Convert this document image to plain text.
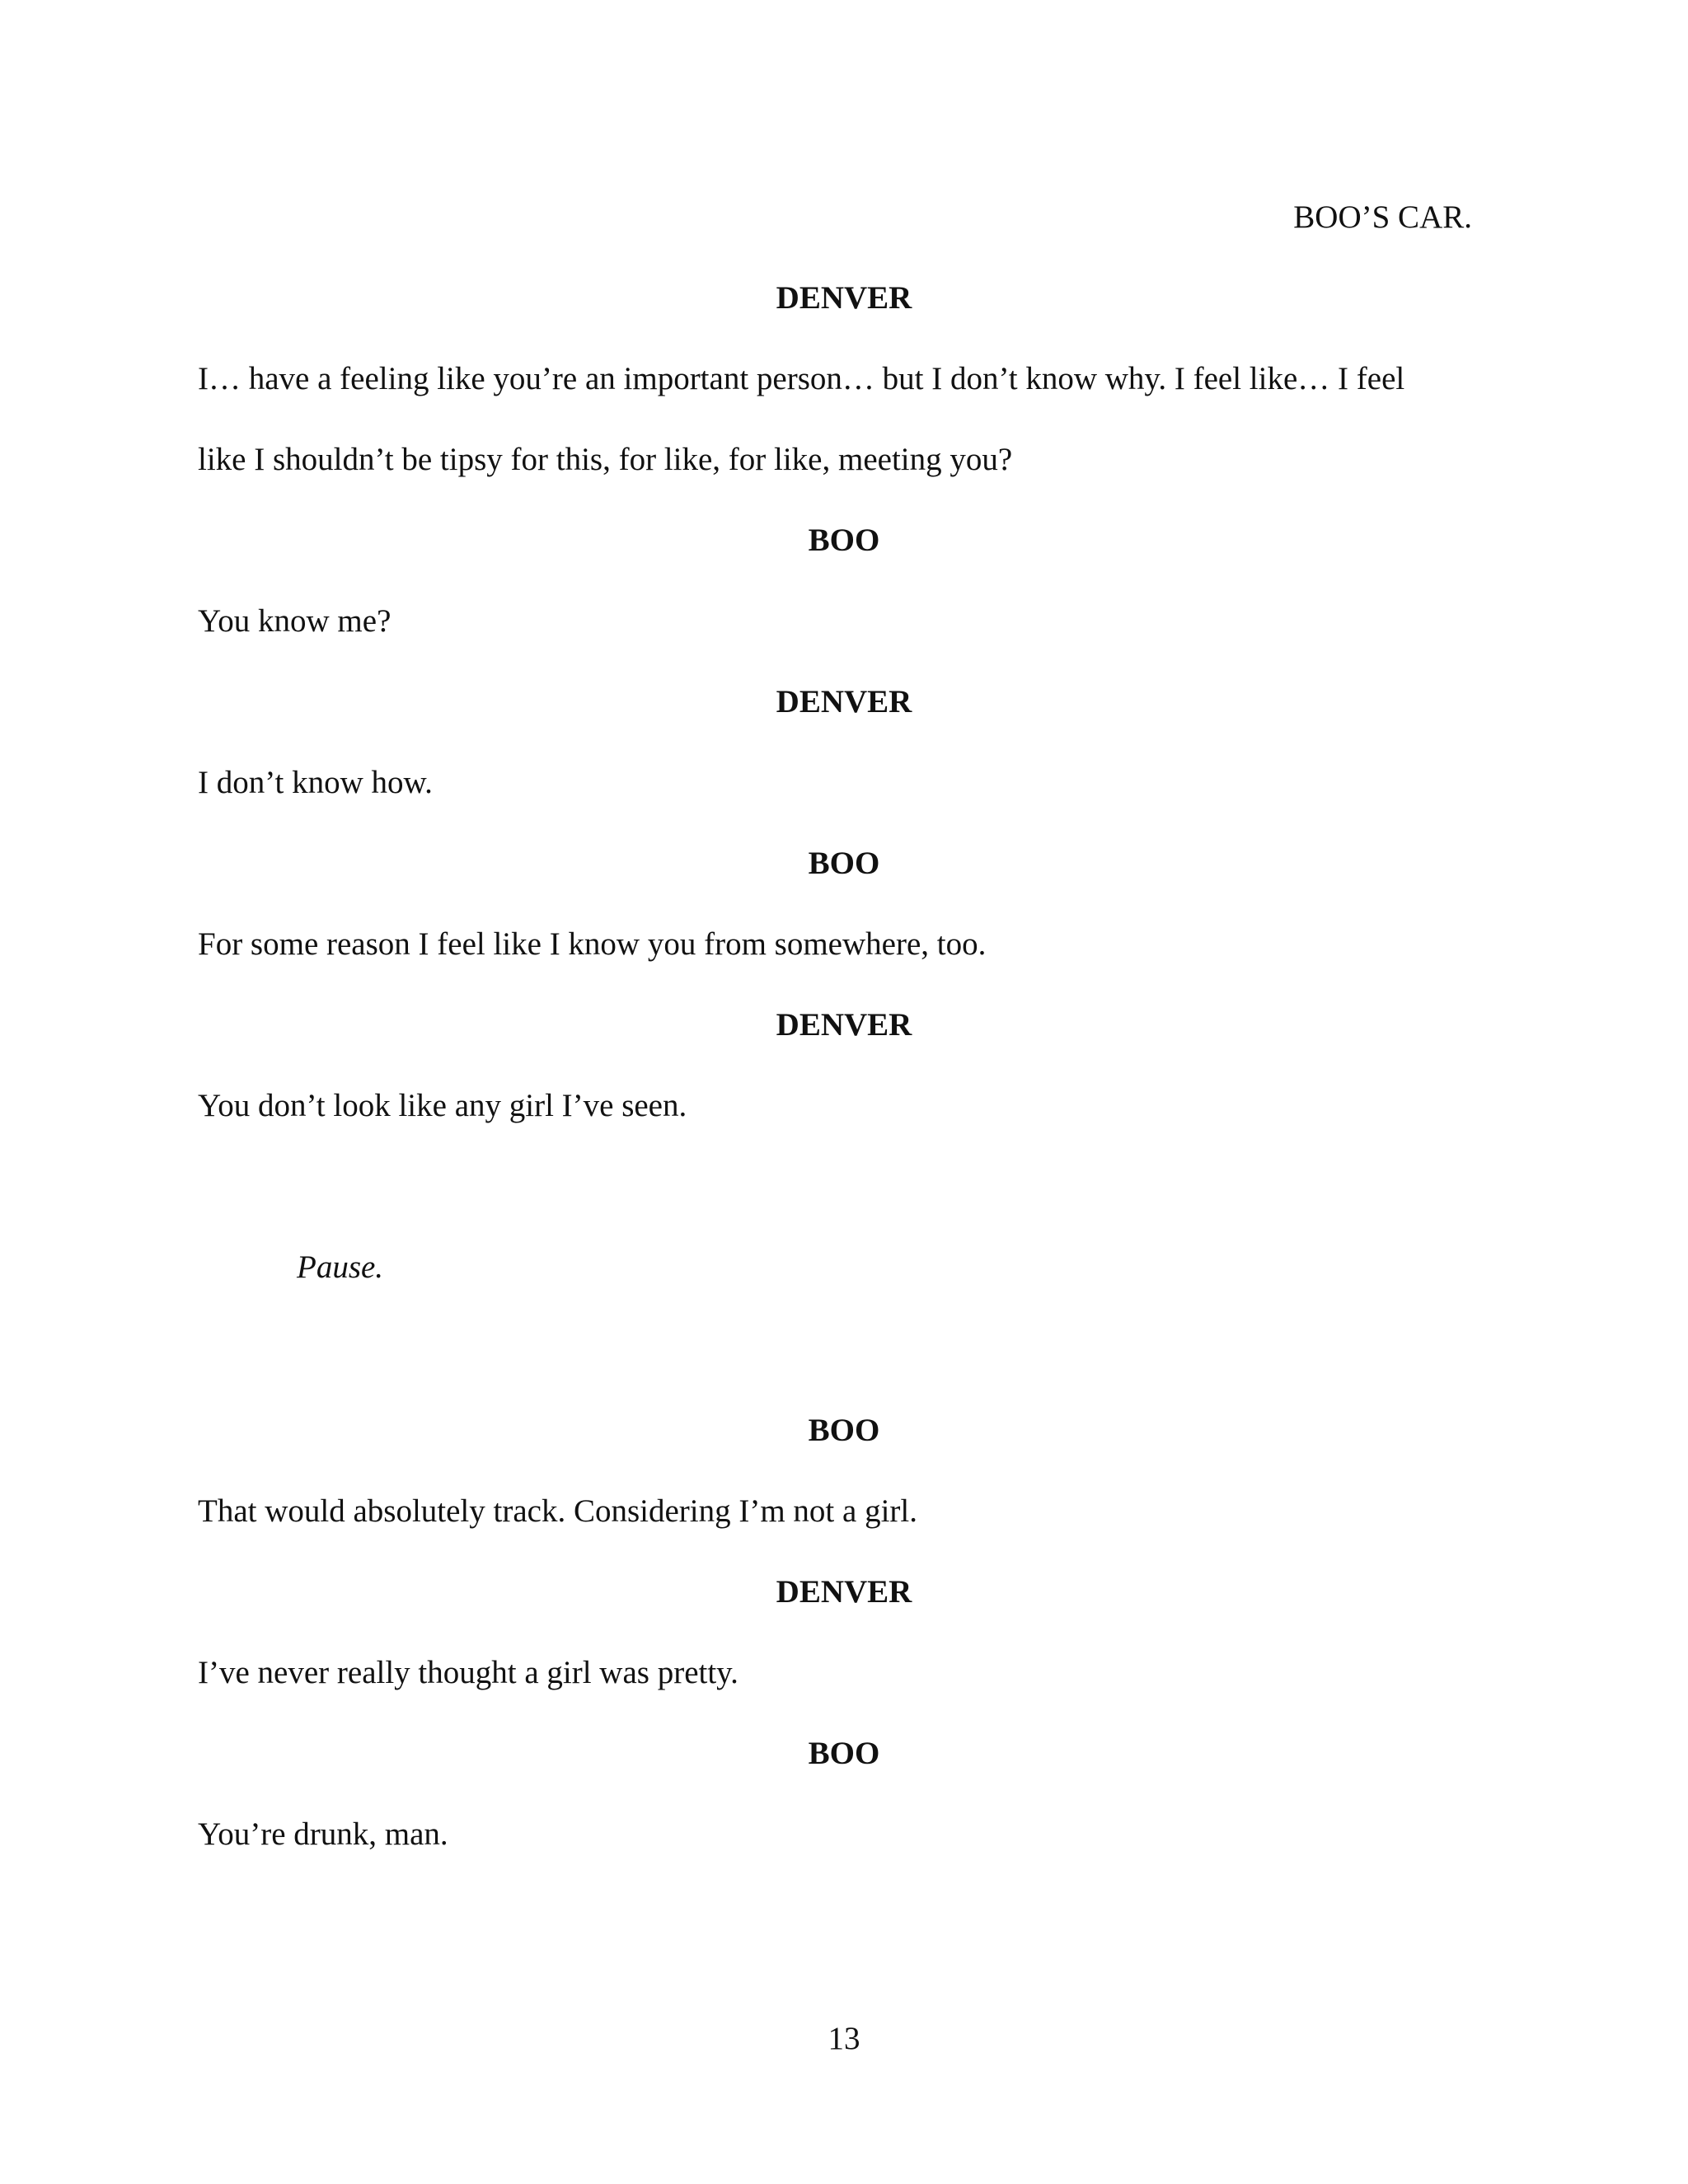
BOO’S CAR.
DENVER
I… have a feeling like you’re an important person… but I don’t know why. I feel like… I feel
like I shouldn’t be tipsy for this, for like, for like, meeting you?
BOO
You know me?
DENVER
I don’t know how.
BOO
For some reason I feel like I know you from somewhere, too.
DENVER
You don’t look like any girl I’ve seen.
Pause.
BOO
That would absolutely track. Considering I’m not a girl.
DENVER
I’ve never really thought a girl was pretty.
BOO
You’re drunk, man.
13
